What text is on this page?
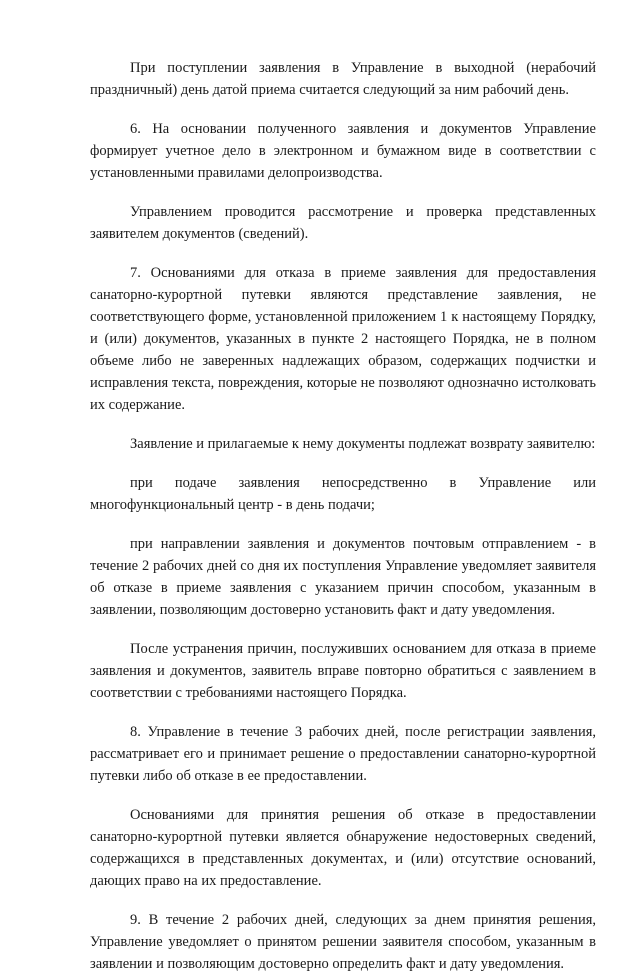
При поступлении заявления в Управление в выходной (нерабочий праздничный) день датой приема считается следующий за ним рабочий день.

6. На основании полученного заявления и документов Управление формирует учетное дело в электронном и бумажном виде в соответствии с установленными правилами делопроизводства.

Управлением проводится рассмотрение и проверка представленных заявителем документов (сведений).

7. Основаниями для отказа в приеме заявления для предоставления санаторно-курортной путевки являются представление заявления, не соответствующего форме, установленной приложением 1 к настоящему Порядку, и (или) документов, указанных в пункте 2 настоящего Порядка, не в полном объеме либо не заверенных надлежащих образом, содержащих подчистки и исправления текста, повреждения, которые не позволяют однозначно истолковать их содержание.

Заявление и прилагаемые к нему документы подлежат возврату заявителю:

при подаче заявления непосредственно в Управление или многофункциональный центр - в день подачи;

при направлении заявления и документов почтовым отправлением - в течение 2 рабочих дней со дня их поступления Управление уведомляет заявителя об отказе в приеме заявления с указанием причин способом, указанным в заявлении, позволяющим достоверно установить факт и дату уведомления.

После устранения причин, послуживших основанием для отказа в приеме заявления и документов, заявитель вправе повторно обратиться с заявлением в соответствии с требованиями настоящего Порядка.

8. Управление в течение 3 рабочих дней, после регистрации заявления, рассматривает его и принимает решение о предоставлении санаторно-курортной путевки либо об отказе в ее предоставлении.

Основаниями для принятия решения об отказе в предоставлении санаторно-курортной путевки является обнаружение недостоверных сведений, содержащихся в представленных документах, и (или) отсутствие оснований, дающих право на их предоставление.

9. В течение 2 рабочих дней, следующих за днем принятия решения, Управление уведомляет о принятом решении заявителя способом, указанным в заявлении и позволяющим достоверно определить факт и дату уведомления.
